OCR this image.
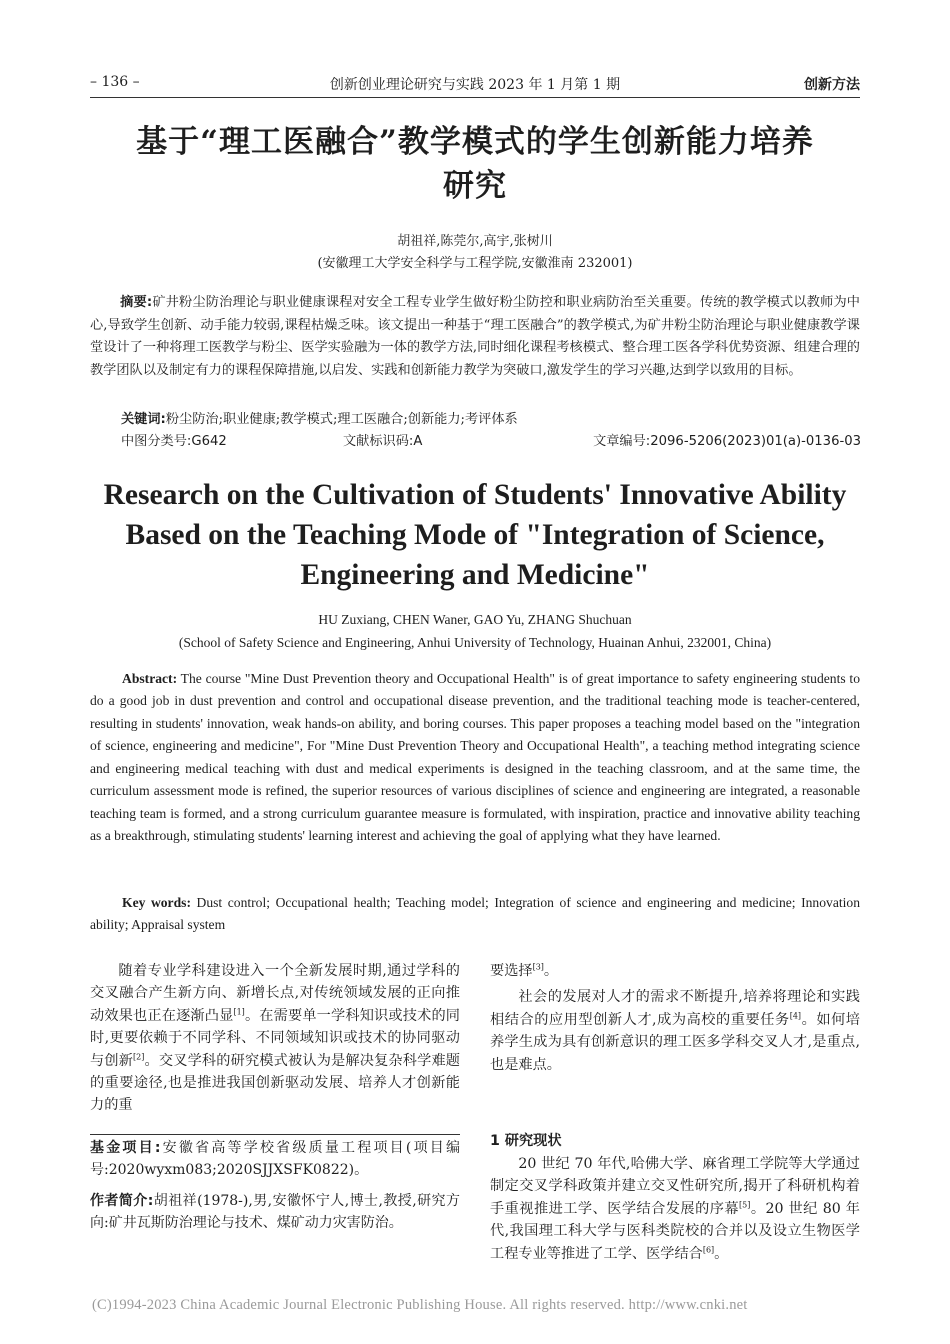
– 136 –	创新创业理论研究与实践 2023 年 1 月第 1 期	创新方法
基于“理工医融合”教学模式的学生创新能力培养
研究
胡祖祥,陈莞尔,高宇,张树川
(安徽理工大学安全科学与工程学院,安徽淮南 232001)
摘要:矿井粉尘防治理论与职业健康课程对安全工程专业学生做好粉尘防控和职业病防治至关重要。传统的教学模式以教师为中心,导致学生创新、动手能力较弱,课程枯燥乏味。该文提出一种基于“理工医融合”的教学模式,为矿井粉尘防治理论与职业健康教学课堂设计了一种将理工医教学与粉尘、医学实验融为一体的教学方法,同时细化课程考核模式、整合理工医各学科优势资源、组建合理的教学团队以及制定有力的课程保障措施,以启发、实践和创新能力教学为突破口,激发学生的学习兴趣,达到学以致用的目标。
关键词:粉尘防治;职业健康;教学模式;理工医融合;创新能力;考评体系
中图分类号:G642	文献标识码:A	文章编号:2096-5206(2023)01(a)-0136-03
Research on the Cultivation of Students' Innovative Ability
Based on the Teaching Mode of "Integration of Science,
Engineering and Medicine"
HU Zuxiang, CHEN Waner, GAO Yu, ZHANG Shuchuan
(School of Safety Science and Engineering, Anhui University of Technology, Huainan Anhui, 232001, China)
Abstract: The course "Mine Dust Prevention theory and Occupational Health" is of great importance to safety engineering students to do a good job in dust prevention and control and occupational disease prevention, and the traditional teaching mode is teacher-centered, resulting in students' innovation, weak hands-on ability, and boring courses. This paper proposes a teaching model based on the "integration of science, engineering and medicine", For "Mine Dust Prevention Theory and Occupational Health", a teaching method integrating science and engineering medical teaching with dust and medical experiments is designed in the teaching classroom, and at the same time, the curriculum assessment mode is refined, the superior resources of various disciplines of science and engineering are integrated, a reasonable teaching team is formed, and a strong curriculum guarantee measure is formulated, with inspiration, practice and innovative ability teaching as a breakthrough, stimulating students' learning interest and achieving the goal of applying what they have learned.
Key words: Dust control; Occupational health; Teaching model; Integration of science and engineering and medicine; Innovation ability; Appraisal system

随着专业学科建设进入一个全新发展时期,通过学科的交叉融合产生新方向、新增长点,对传统领域发展的正向推动效果也正在逐渐凸显[1]。在需要单一学科知识或技术的同时,更要依赖于不同学科、不同领域知识或技术的协同驱动与创新[2]。交叉学科的研究模式被认为是解决复杂科学难题的重要途径,也是推进我国创新驱动发展、培养人才创新能力的重

基金项目:安徽省高等学校省级质量工程项目(项目编号:2020wyxm083;2020SJJXSFK0822)。
作者简介:胡祖祥(1978-),男,安徽怀宁人,博士,教授,研究方向:矿井瓦斯防治理论与技术、煤矿动力灾害防治。

要选择[3]。

社会的发展对人才的需求不断提升,培养将理论和实践相结合的应用型创新人才,成为高校的重要任务[4]。如何培养学生成为具有创新意识的理工医多学科交叉人才,是重点,也是难点。

1 研究现状

20 世纪 70 年代,哈佛大学、麻省理工学院等大学通过制定交叉学科政策并建立交叉性研究所,揭开了科研机构着手重视推进工学、医学结合发展的序幕[5]。20 世纪 80 年代,我国理工科大学与医科类院校的合并以及设立生物医学工程专业等推进了工学、医学结合[6]。

(C)1994-2023 China Academic Journal Electronic Publishing House. All rights reserved. http://www.cnki.net
